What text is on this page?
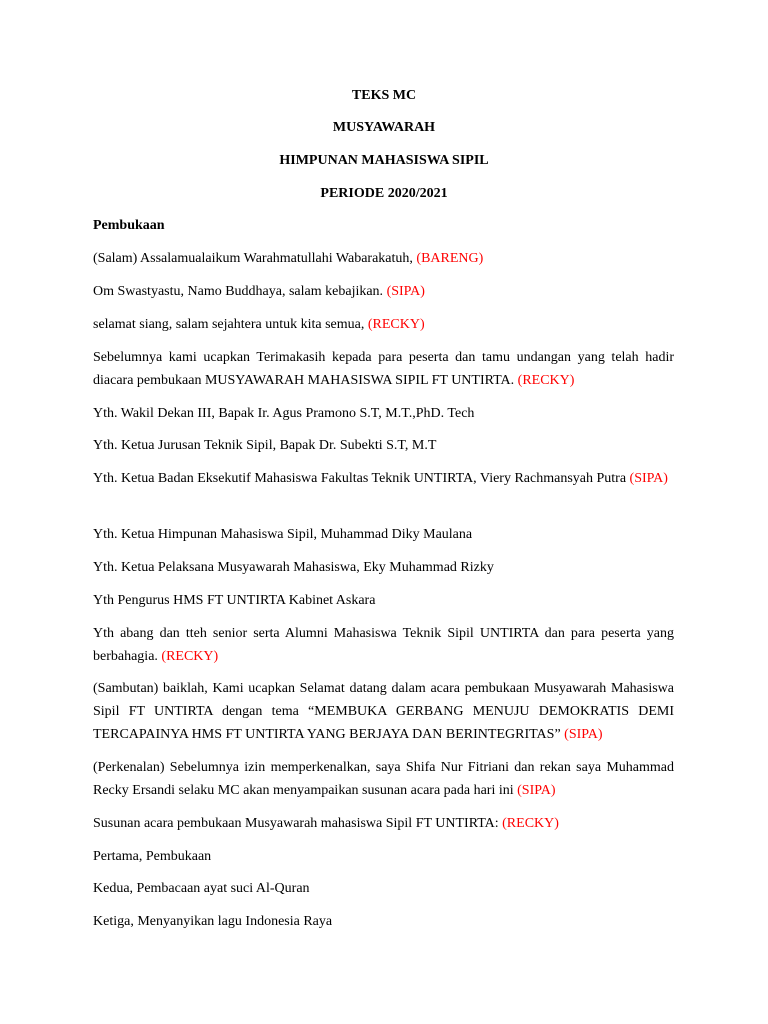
TEKS MC

MUSYAWARAH

HIMPUNAN MAHASISWA SIPIL

PERIODE 2020/2021

Pembukaan

(Salam) Assalamualaikum Warahmatullahi Wabarakatuh, (BARENG)

Om Swastyastu, Namo Buddhaya, salam kebajikan. (SIPA)

selamat siang, salam sejahtera untuk kita semua, (RECKY)

Sebelumnya kami ucapkan Terimakasih kepada para peserta dan tamu undangan yang telah hadir diacara pembukaan MUSYAWARAH MAHASISWA SIPIL FT UNTIRTA. (RECKY)

Yth. Wakil Dekan III, Bapak Ir. Agus Pramono S.T, M.T.,PhD. Tech

Yth. Ketua Jurusan Teknik Sipil, Bapak Dr. Subekti S.T, M.T

Yth. Ketua Badan Eksekutif Mahasiswa Fakultas Teknik UNTIRTA, Viery Rachmansyah Putra (SIPA)

Yth. Ketua Himpunan Mahasiswa Sipil, Muhammad Diky Maulana

Yth. Ketua Pelaksana Musyawarah Mahasiswa, Eky Muhammad Rizky

Yth Pengurus HMS FT UNTIRTA Kabinet Askara

Yth abang dan tteh senior serta Alumni Mahasiswa Teknik Sipil UNTIRTA dan para peserta yang berbahagia. (RECKY)

(Sambutan) baiklah, Kami ucapkan Selamat datang dalam acara pembukaan Musyawarah Mahasiswa Sipil FT UNTIRTA dengan tema “MEMBUKA GERBANG MENUJU DEMOKRATIS DEMI TERCAPAINYA HMS FT UNTIRTA YANG BERJAYA DAN BERINTEGRITAS” (SIPA)

(Perkenalan) Sebelumnya izin memperkenalkan, saya Shifa Nur Fitriani dan rekan saya Muhammad Recky Ersandi selaku MC akan menyampaikan susunan acara pada hari ini (SIPA)

Susunan acara pembukaan Musyawarah mahasiswa Sipil FT UNTIRTA: (RECKY)

Pertama, Pembukaan

Kedua, Pembacaan ayat suci Al-Quran

Ketiga, Menyanyikan lagu Indonesia Raya
